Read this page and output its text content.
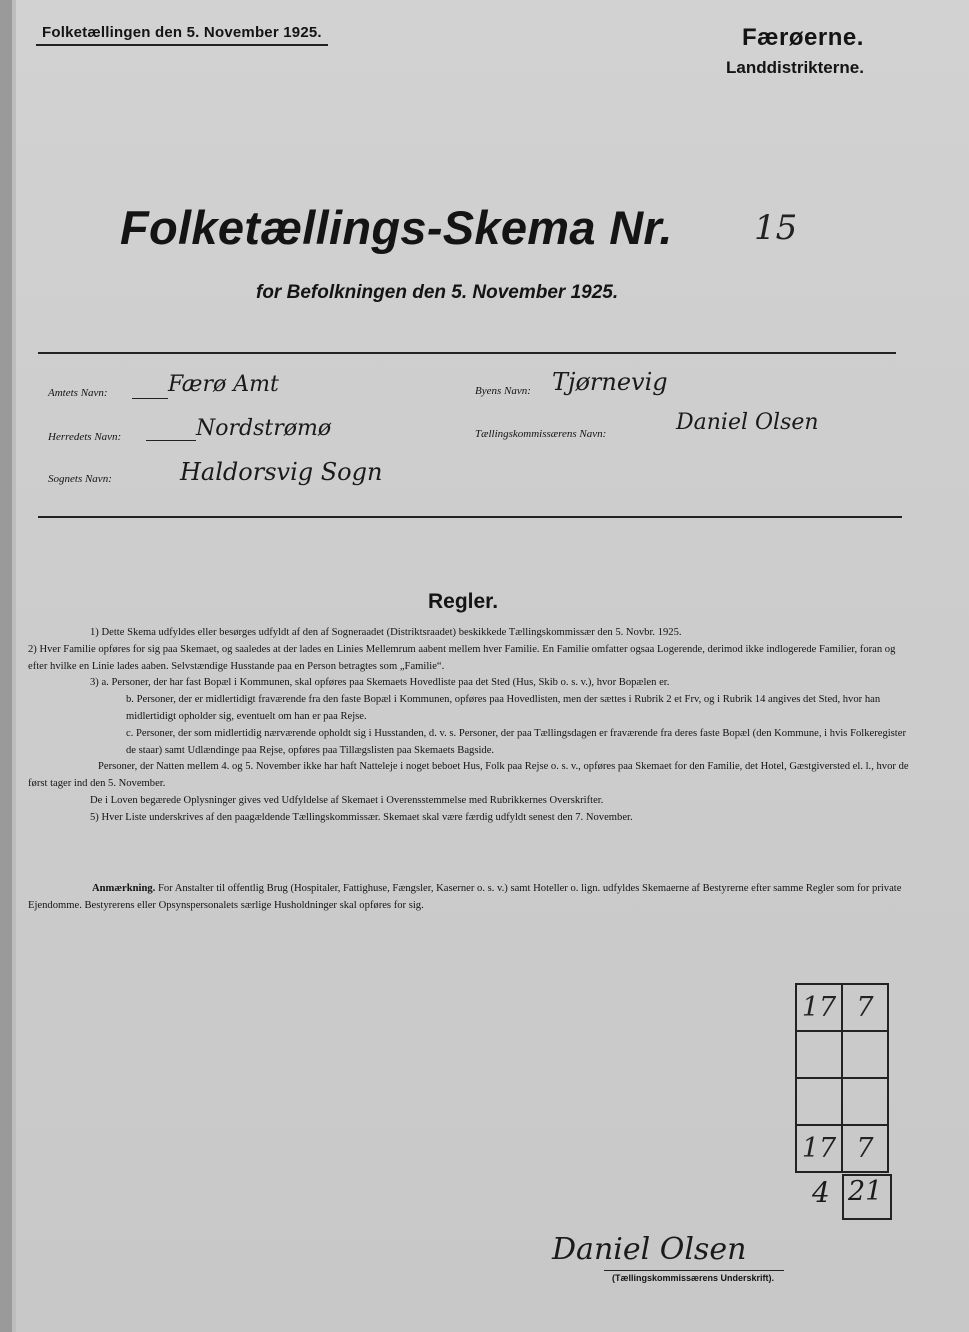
Folketællingen den 5. November 1925.	Færøerne.
Landdistrikterne.
Folketællings-Skema Nr. 15
for Befolkningen den 5. November 1925.
Amtets Navn:	Færø Amt
Herredets Navn:	Nordstrømø
Sognets Navn:	Haldorsvig Sogn
Byens Navn: Tjørnevig
Tællingskommissærens Navn:	Daniel Olsen
Regler.

1) Dette Skema udfyldes eller besørges udfyldt af den af Sogneraadet (Distriktsraadet) beskikkede Tællingskommissær den 5. Novbr. 1925.

2) Hver Familie opføres for sig paa Skemaet, og saaledes at der lades en Linies Mellemrum aabent mellem hver Familie. En Familie omfatter ogsaa Logerende, derimod ikke indlogerede Familier, foran og efter hvilke en Linie lades aaben. Selvstændige Husstande paa en Person betragtes som „Familie“.

3) a. Personer, der har fast Bopæl i Kommunen, skal opføres paa Skemaets Hovedliste paa det Sted (Hus, Skib o. s. v.), hvor Bopælen er.

b. Personer, der er midlertidigt fraværende fra den faste Bopæl i Kommunen, opføres paa Hovedlisten, men der sættes i Rubrik 2 et Frv, og i Rubrik 14 angives det Sted, hvor han midlertidigt opholder sig, eventuelt om han er paa Rejse.

c. Personer, der som midlertidig nærværende opholdt sig i Husstanden, d. v. s. Personer, der paa Tællingsdagen er fraværende fra deres faste Bopæl (den Kommune, i hvis Folkeregister de staar) samt Udlændinge paa Rejse, opføres paa Tillægslisten paa Skemaets Bagside.

Personer, der Natten mellem 4. og 5. November ikke har haft Natteleje i noget beboet Hus, Folk paa Rejse o. s. v., opføres paa Skemaet for den Familie, det Hotel, Gæstgiversted el. l., hvor de først tager ind den 5. November.

De i Loven begærede Oplysninger gives ved Udfyldelse af Skemaet i Overensstemmelse med Rubrikkernes Overskrifter.

5) Hver Liste underskrives af den paagældende Tællingskommissær. Skemaet skal være færdig udfyldt senest den 7. November.

Anmærkning. For Anstalter til offentlig Brug (Hospitaler, Fattighuse, Fængsler, Kaserner o. s. v.) samt Hoteller o. lign. udfyldes Skemaerne af Bestyrerne efter samme Regler som for private Ejendomme. Bestyrerens eller Opsynspersonalets særlige Husholdninger skal opføres for sig.
17	7

17	7
4 21
Daniel Olsen
(Tællingskommissærens Underskrift).
